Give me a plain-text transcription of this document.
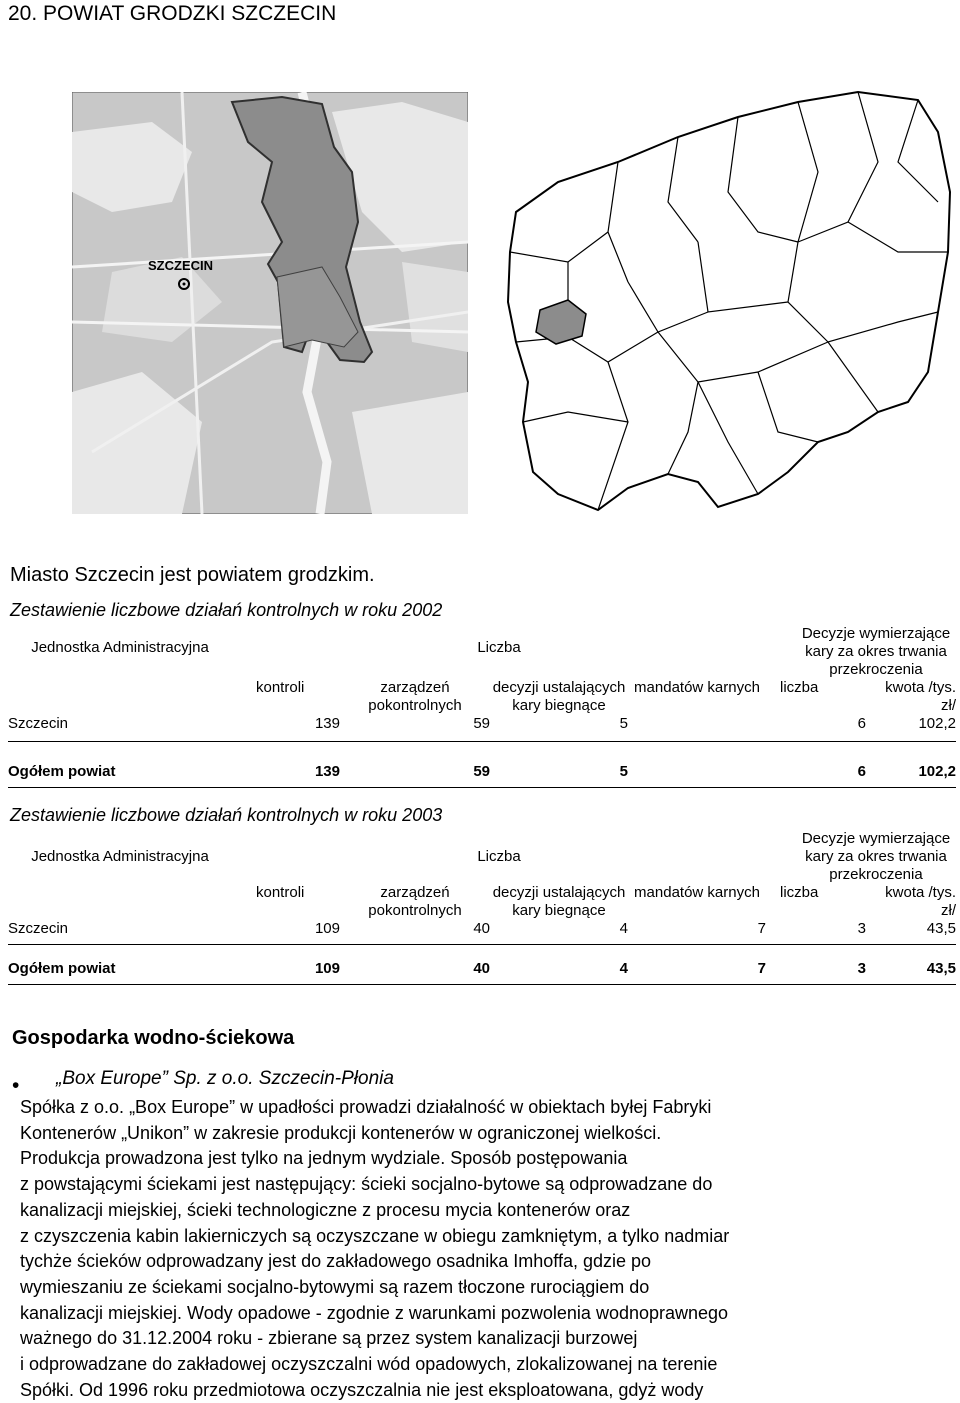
20. POWIAT GRODZKI SZCZECIN
SZCZECIN
Miasto Szczecin jest powiatem grodzkim.
Zestawienie liczbowe działań kontrolnych w roku 2002
Jednostka Administracyjna	Liczba				Decyzje wymierzające kary za okres trwania przekroczenia	
	kontroli	zarządzeń pokontrolnych	decyzji ustalających kary biegnące	mandatów karnych	liczba	kwota /tys. zł/
Szczecin	139	59	5		6	102,2

Ogółem powiat	139	59	5		6	102,2
Zestawienie liczbowe działań kontrolnych w roku 2003
Jednostka Administracyjna	Liczba				Decyzje wymierzające kary za okres trwania przekroczenia	
	kontroli	zarządzeń pokontrolnych	decyzji ustalających kary biegnące	mandatów karnych	liczba	kwota /tys. zł/
Szczecin	109	40	4	7	3	43,5

Ogółem powiat	109	40	4	7	3	43,5
Gospodarka wodno-ściekowa
• „Box Europe” Sp. z o.o. Szczecin-Płonia
Spółka z o.o. „Box Europe” w upadłości prowadzi działalność w obiektach byłej Fabryki
Kontenerów „Unikon” w zakresie produkcji kontenerów w ograniczonej wielkości.
Produkcja prowadzona jest tylko na jednym wydziale. Sposób postępowania
z powstającymi ściekami jest następujący: ścieki socjalno-bytowe są odprowadzane do
kanalizacji miejskiej, ścieki technologiczne z procesu mycia kontenerów oraz
z czyszczenia kabin lakierniczych są oczyszczane w obiegu zamkniętym, a tylko nadmiar
tychże ścieków odprowadzany jest do zakładowego osadnika Imhoffa, gdzie po
wymieszaniu ze ściekami socjalno-bytowymi są razem tłoczone rurociągiem do
kanalizacji miejskiej. Wody opadowe - zgodnie z warunkami pozwolenia wodnoprawnego
ważnego do 31.12.2004 roku - zbierane są przez system kanalizacji burzowej
i odprowadzane do zakładowej oczyszczalni wód opadowych, zlokalizowanej na terenie
Spółki. Od 1996 roku przedmiotowa oczyszczalnia nie jest eksploatowana, gdyż wody
